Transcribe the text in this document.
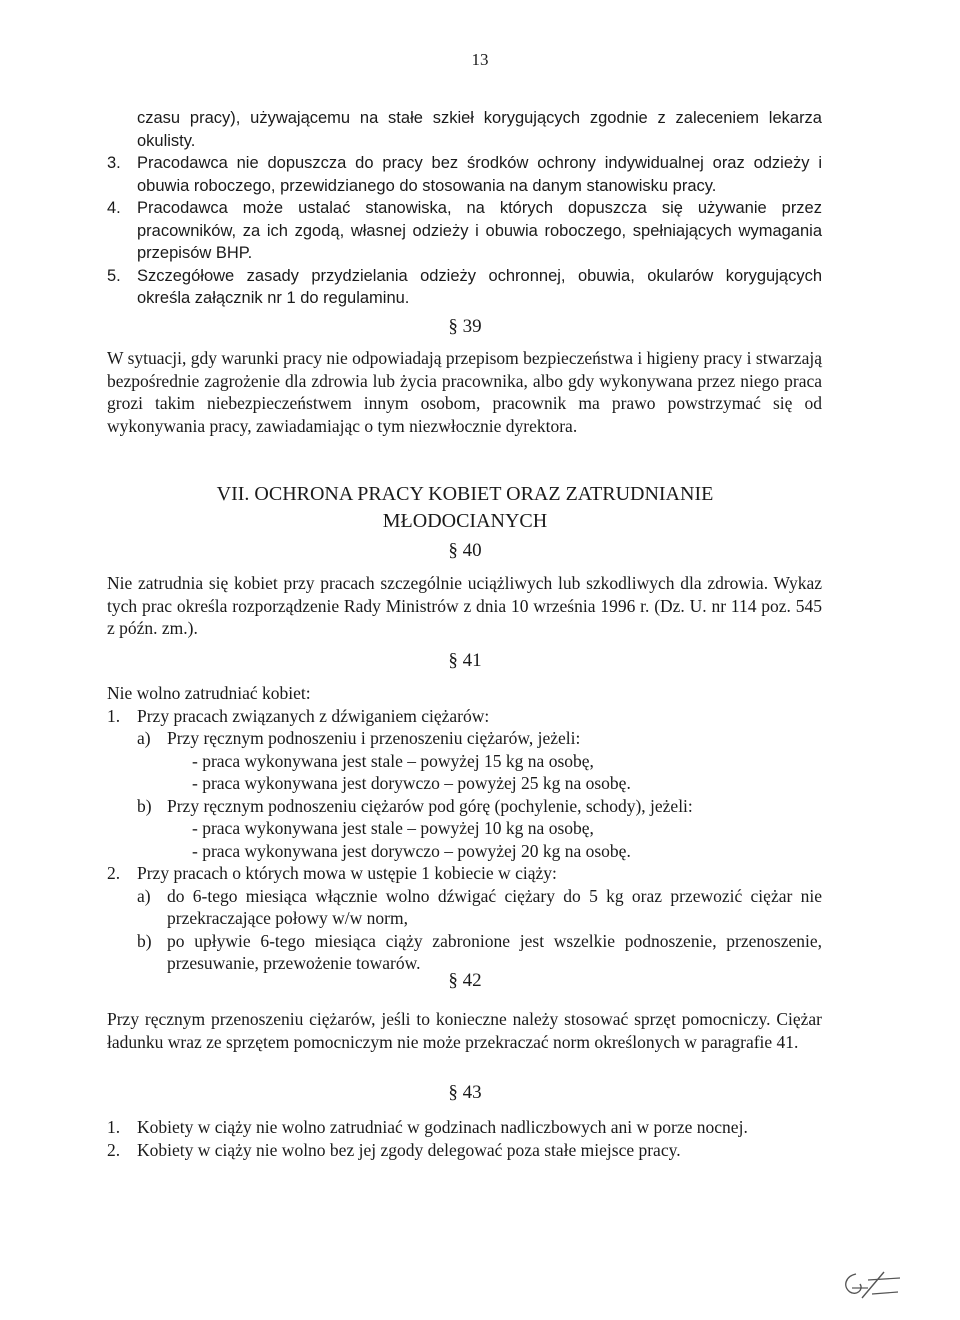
13
czasu pracy), używającemu na stałe szkieł korygujących zgodnie z zaleceniem lekarza okulisty.
3. Pracodawca nie dopuszcza do pracy bez środków ochrony indywidualnej oraz odzieży i obuwia roboczego, przewidzianego do stosowania na danym stanowisku pracy.
4. Pracodawca może ustalać stanowiska, na których dopuszcza się używanie przez pracowników, za ich zgodą, własnej odzieży i obuwia roboczego, spełniających wymagania przepisów BHP.
5. Szczegółowe zasady przydzielania odzieży ochronnej, obuwia, okularów korygujących określa załącznik nr 1 do regulaminu.
§ 39
W sytuacji, gdy warunki pracy nie odpowiadają przepisom bezpieczeństwa i higieny pracy i stwarzają bezpośrednie zagrożenie dla zdrowia lub życia pracownika, albo gdy wykonywana przez niego praca grozi takim niebezpieczeństwem innym osobom, pracownik ma prawo powstrzymać się od wykonywania pracy, zawiadamiając o tym niezwłocznie dyrektora.
VII. OCHRONA PRACY KOBIET ORAZ ZATRUDNIANIE
MŁODOCIANYCH
§ 40
Nie zatrudnia się kobiet przy pracach szczególnie uciążliwych lub szkodliwych dla zdrowia. Wykaz tych prac określa rozporządzenie Rady Ministrów z dnia 10 września 1996 r. (Dz. U. nr 114 poz. 545 z późn. zm.).
§ 41
Nie wolno zatrudniać kobiet:
1. Przy pracach związanych z dźwiganiem ciężarów:
a) Przy ręcznym podnoszeniu i przenoszeniu ciężarów, jeżeli:
- praca wykonywana jest stale – powyżej 15 kg na osobę,
- praca wykonywana jest dorywczo – powyżej 25 kg na osobę.
b) Przy ręcznym podnoszeniu ciężarów pod górę (pochylenie, schody), jeżeli:
- praca wykonywana jest stale – powyżej 10 kg na osobę,
- praca wykonywana jest dorywczo – powyżej 20 kg na osobę.
2. Przy pracach o których mowa w ustępie 1 kobiecie w ciąży:
a) do 6-tego miesiąca włącznie wolno dźwigać ciężary do 5 kg oraz przewozić ciężar nie przekraczające połowy w/w norm,
b) po upływie 6-tego miesiąca ciąży zabronione jest wszelkie podnoszenie, przenoszenie, przesuwanie, przewożenie towarów.
§ 42
Przy ręcznym przenoszeniu ciężarów, jeśli to konieczne należy stosować sprzęt pomocniczy. Ciężar ładunku wraz ze sprzętem pomocniczym nie może przekraczać norm określonych w paragrafie 41.
§ 43
1. Kobiety w ciąży nie wolno zatrudniać w godzinach nadliczbowych ani w porze nocnej.
2. Kobiety w ciąży nie wolno bez jej zgody delegować poza stałe miejsce pracy.
